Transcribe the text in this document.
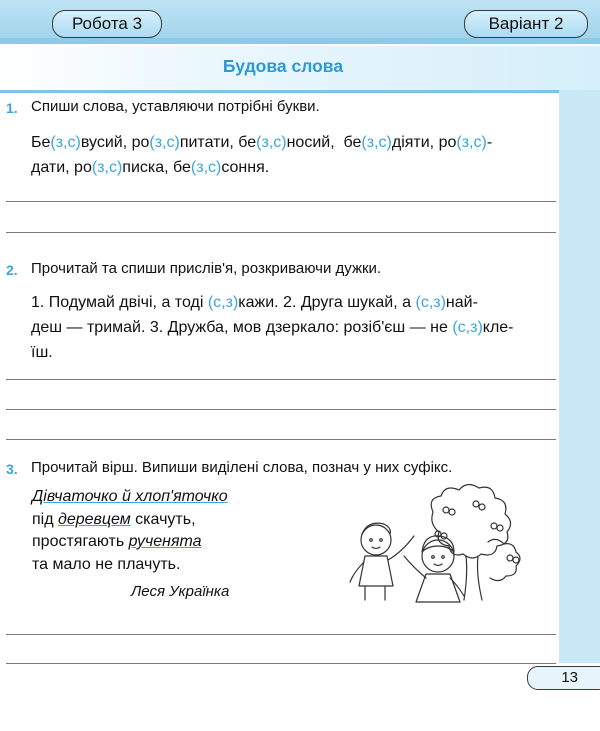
Робота 3	Варіант 2
Будова слова
1. Спиши слова, уставляючи потрібні букви.
Бе(з,с)вусий, ро(з,с)питати, бе(з,с)носий,  бе(з,с)діяти, ро(з,с)-
дати, ро(з,с)писка, бе(з,с)соння.
2. Прочитай та спиши прислів'я, розкриваючи дужки.
1. Подумай двічі, а тоді (с,з)кажи. 2. Друга шукай, а (с,з)най-
деш — тримай. 3. Дружба, мов дзеркало: розіб'єш — не (с,з)кле-
їш.
3. Прочитай вірш. Випиши виділені слова, познач у них суфікс.
Дівчаточко й хлоп'яточко
під деревцем скачуть,
простягають рученята
та мало не плачуть.
Леся Українка
13
